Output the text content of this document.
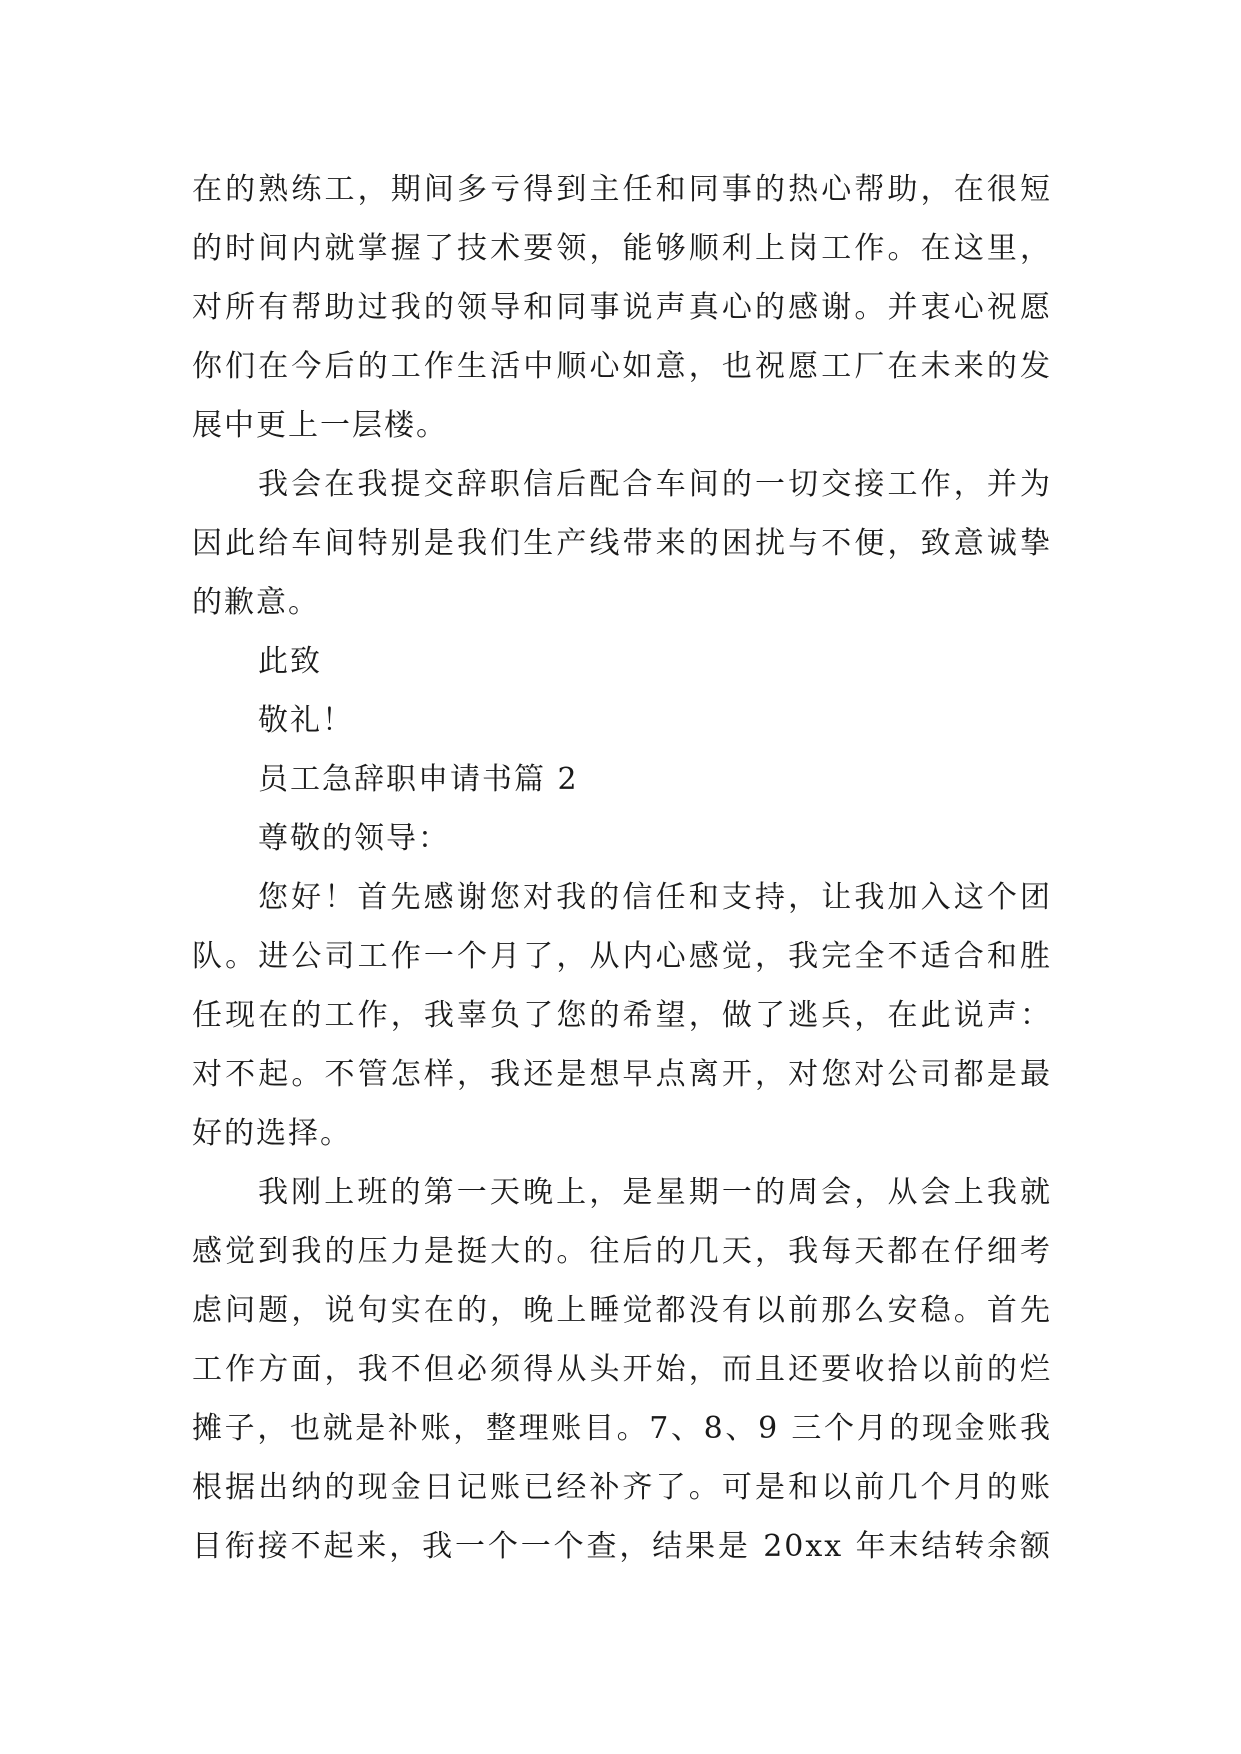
在的熟练工，期间多亏得到主任和同事的热心帮助，在很短
的时间内就掌握了技术要领，能够顺利上岗工作。在这里，
对所有帮助过我的领导和同事说声真心的感谢。并衷心祝愿
你们在今后的工作生活中顺心如意，也祝愿工厂在未来的发
展中更上一层楼。
我会在我提交辞职信后配合车间的一切交接工作，并为
因此给车间特别是我们生产线带来的困扰与不便，致意诚挚
的歉意。
此致
敬礼！
员工急辞职申请书篇 2
尊敬的领导：
您好！首先感谢您对我的信任和支持，让我加入这个团
队。进公司工作一个月了，从内心感觉，我完全不适合和胜
任现在的工作，我辜负了您的希望，做了逃兵，在此说声：
对不起。不管怎样，我还是想早点离开，对您对公司都是最
好的选择。
我刚上班的第一天晚上，是星期一的周会，从会上我就
感觉到我的压力是挺大的。往后的几天，我每天都在仔细考
虑问题，说句实在的，晚上睡觉都没有以前那么安稳。首先
工作方面，我不但必须得从头开始，而且还要收拾以前的烂
摊子，也就是补账，整理账目。7、8、9 三个月的现金账我
根据出纳的现金日记账已经补齐了。可是和以前几个月的账
目衔接不起来，我一个一个查，结果是 20xx 年末结转余额
